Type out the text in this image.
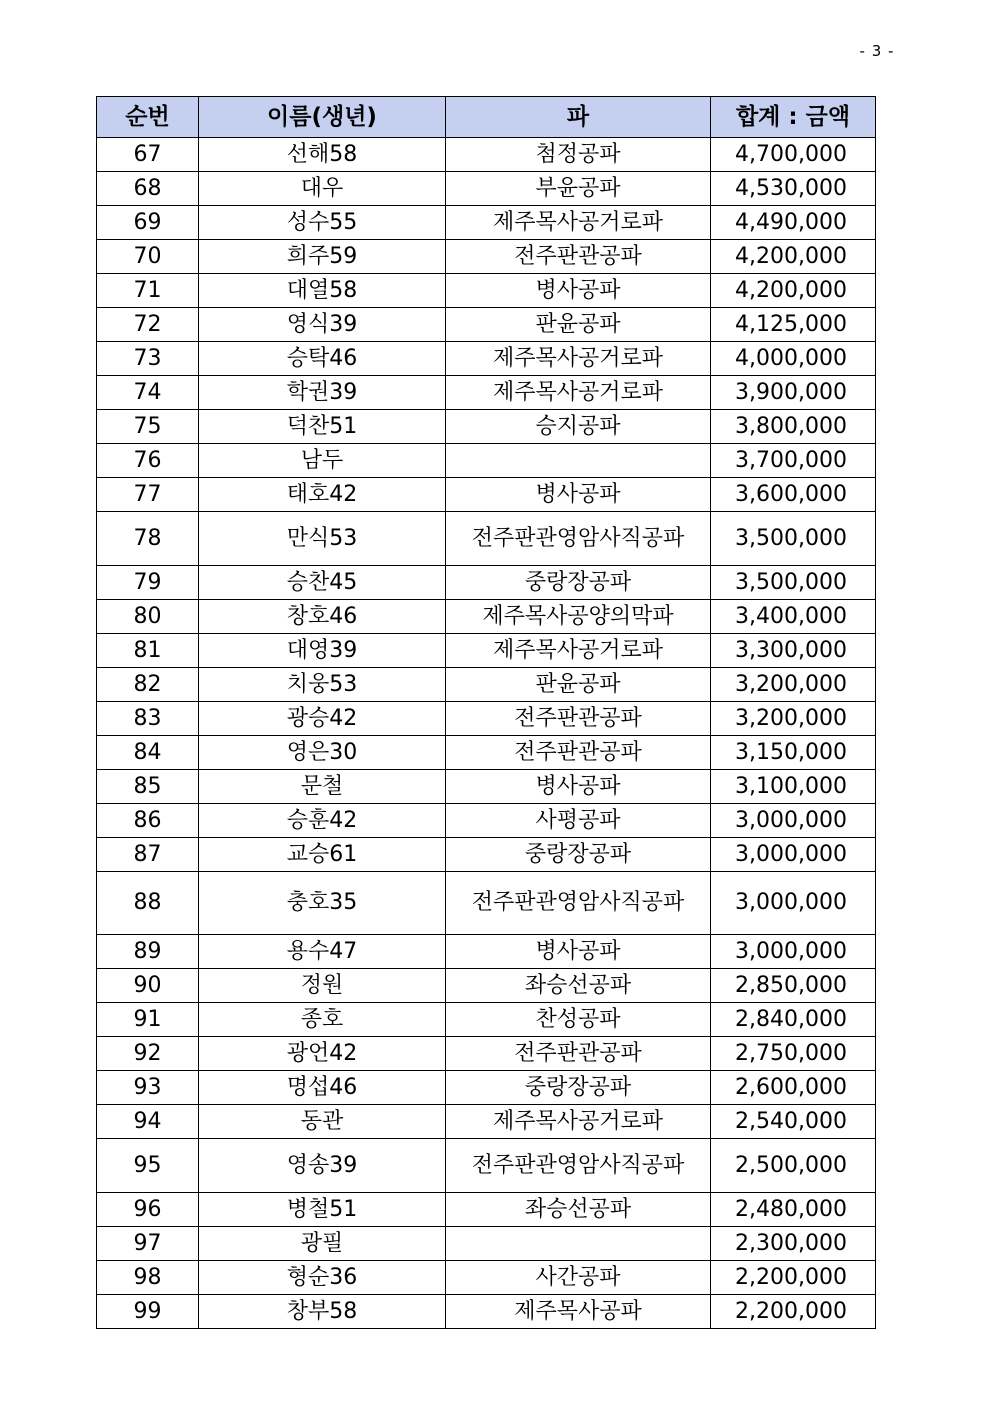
- 3 -
순번	이름(생년)	파	합계 : 금액
67	선해58	첨정공파	4,700,000
68	대우	부윤공파	4,530,000
69	성수55	제주목사공거로파	4,490,000
70	희주59	전주판관공파	4,200,000
71	대열58	병사공파	4,200,000
72	영식39	판윤공파	4,125,000
73	승탁46	제주목사공거로파	4,000,000
74	학권39	제주목사공거로파	3,900,000
75	덕찬51	승지공파	3,800,000
76	남두		3,700,000
77	태호42	병사공파	3,600,000
78	만식53	전주판관영암사직공파	3,500,000
79	승찬45	중랑장공파	3,500,000
80	창호46	제주목사공양의막파	3,400,000
81	대영39	제주목사공거로파	3,300,000
82	치웅53	판윤공파	3,200,000
83	광승42	전주판관공파	3,200,000
84	영은30	전주판관공파	3,150,000
85	문철	병사공파	3,100,000
86	승훈42	사평공파	3,000,000
87	교승61	중랑장공파	3,000,000
88	충호35	전주판관영암사직공파	3,000,000
89	용수47	병사공파	3,000,000
90	정원	좌승선공파	2,850,000
91	종호	찬성공파	2,840,000
92	광언42	전주판관공파	2,750,000
93	명섭46	중랑장공파	2,600,000
94	동관	제주목사공거로파	2,540,000
95	영송39	전주판관영암사직공파	2,500,000
96	병철51	좌승선공파	2,480,000
97	광필		2,300,000
98	형순36	사간공파	2,200,000
99	창부58	제주목사공파	2,200,000
